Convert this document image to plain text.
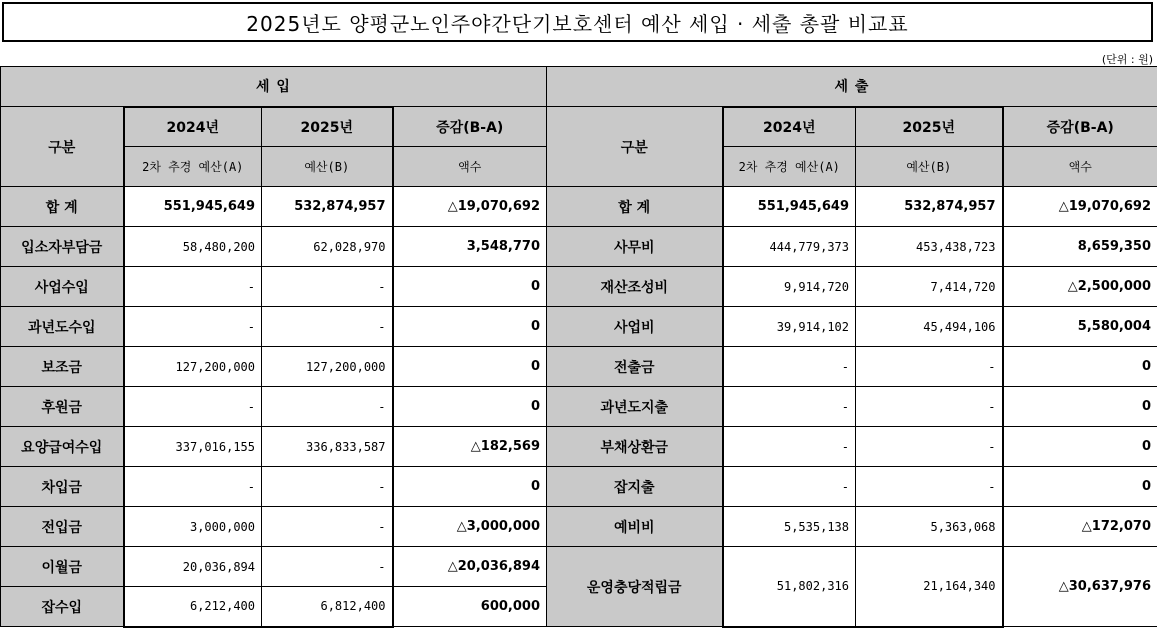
2025년도 양평군노인주야간단기보호센터 예산 세입 · 세출 총괄 비교표
(단위 : 원)
세 입				세 출			
구분	2024년	2025년	증감(B-A)	구분	2024년	2025년	증감(B-A)
	2차 추경 예산(A)	예산(B)	액수		2차 추경 예산(A)	예산(B)	액수
합 계	551,945,649	532,874,957	△19,070,692	합 계	551,945,649	532,874,957	△19,070,692
입소자부담금	58,480,200	62,028,970	3,548,770	사무비	444,779,373	453,438,723	8,659,350
사업수입	-	-	0	재산조성비	9,914,720	7,414,720	△2,500,000
과년도수입	-	-	0	사업비	39,914,102	45,494,106	5,580,004
보조금	127,200,000	127,200,000	0	전출금	-	-	0
후원금	-	-	0	과년도지출	-	-	0
요양급여수입	337,016,155	336,833,587	△182,569	부채상환금	-	-	0
차입금	-	-	0	잡지출	-	-	0
전입금	3,000,000	-	△3,000,000	예비비	5,535,138	5,363,068	△172,070
이월금	20,036,894	-	△20,036,894	운영충당적립금	51,802,316	21,164,340	△30,637,976
잡수입	6,212,400	6,812,400	600,000				
